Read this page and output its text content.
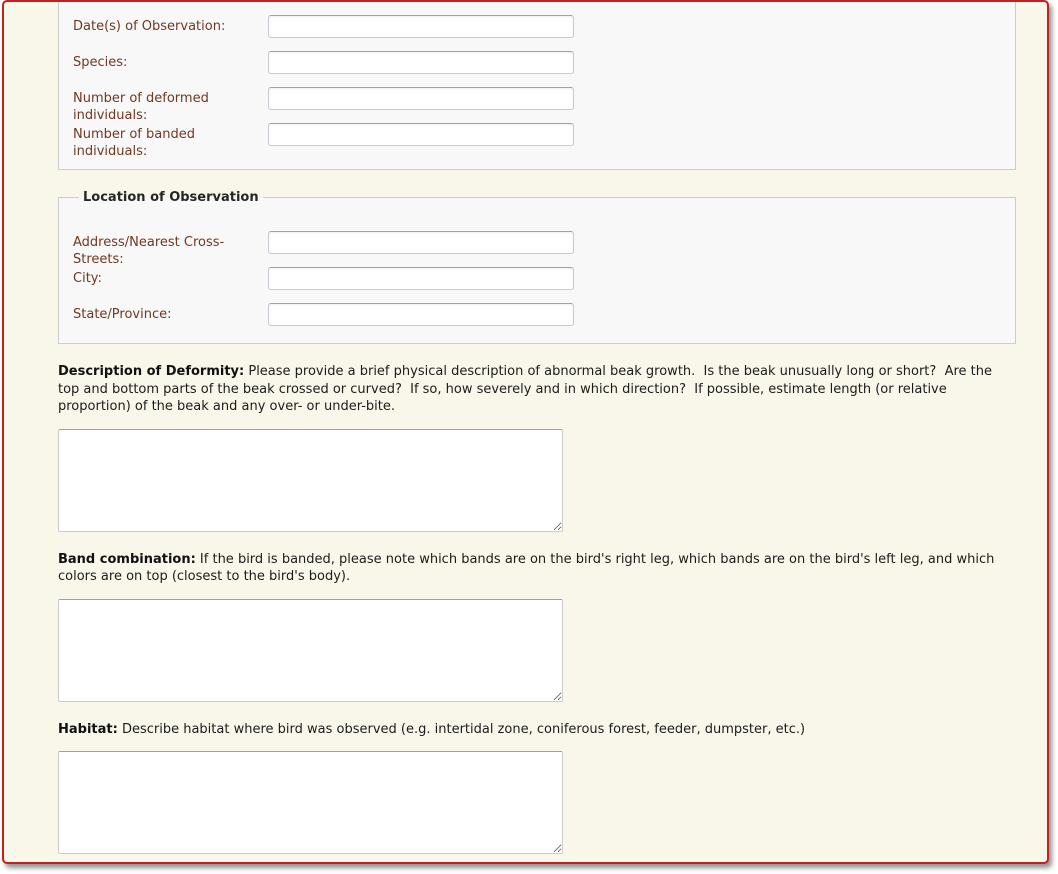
Date(s) of Observation:
Species:
Number of deformed individuals:
Number of banded individuals:
Location of Observation
Address/Nearest Cross-Streets:
City:
State/Province:

Description of Deformity: Please provide a brief physical description of abnormal beak growth.  Is the beak unusually long or short?  Are the top and bottom parts of the beak crossed or curved?  If so, how severely and in which direction?  If possible, estimate length (or relative proportion) of the beak and any over- or under-bite.

Band combination: If the bird is banded, please note which bands are on the bird's right leg, which bands are on the bird's left leg, and which colors are on top (closest to the bird's body).

Habitat: Describe habitat where bird was observed (e.g. intertidal zone, coniferous forest, feeder, dumpster, etc.)
